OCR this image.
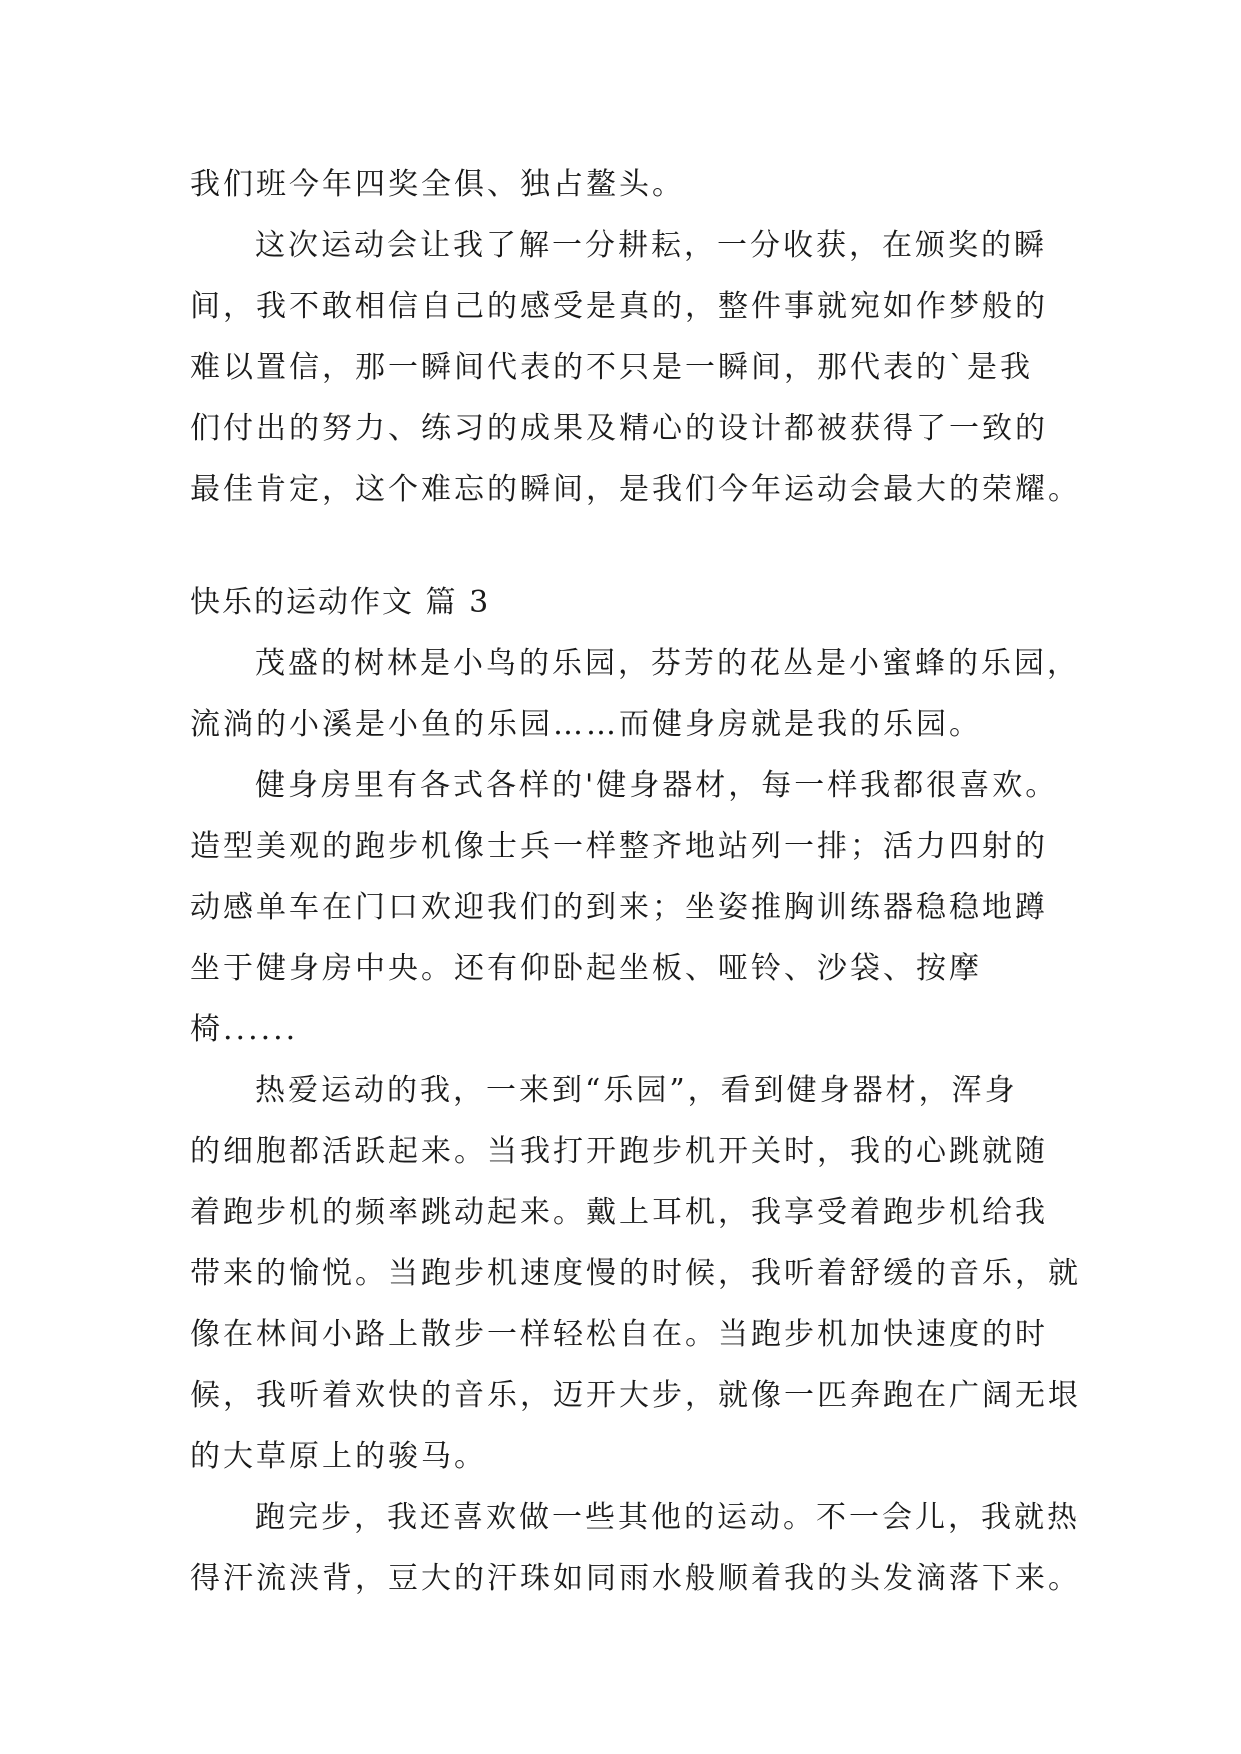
我们班今年四奖全俱、独占鳌头。
这次运动会让我了解一分耕耘，一分收获，在颁奖的瞬
间，我不敢相信自己的感受是真的，整件事就宛如作梦般的
难以置信，那一瞬间代表的不只是一瞬间，那代表的`是我
们付出的努力、练习的成果及精心的设计都被获得了一致的
最佳肯定，这个难忘的瞬间，是我们今年运动会最大的荣耀。
快乐的运动作文 篇 3
茂盛的树林是小鸟的乐园，芬芳的花丛是小蜜蜂的乐园，
流淌的小溪是小鱼的乐园……而健身房就是我的乐园。
健身房里有各式各样的'健身器材，每一样我都很喜欢。
造型美观的跑步机像士兵一样整齐地站列一排；活力四射的
动感单车在门口欢迎我们的到来；坐姿推胸训练器稳稳地蹲
坐于健身房中央。还有仰卧起坐板、哑铃、沙袋、按摩
椅......
热爱运动的我，一来到“乐园”，看到健身器材，浑身
的细胞都活跃起来。当我打开跑步机开关时，我的心跳就随
着跑步机的频率跳动起来。戴上耳机，我享受着跑步机给我
带来的愉悦。当跑步机速度慢的时候，我听着舒缓的音乐，就
像在林间小路上散步一样轻松自在。当跑步机加快速度的时
候，我听着欢快的音乐，迈开大步，就像一匹奔跑在广阔无垠
的大草原上的骏马。
跑完步，我还喜欢做一些其他的运动。不一会儿，我就热
得汗流浃背，豆大的汗珠如同雨水般顺着我的头发滴落下来。
